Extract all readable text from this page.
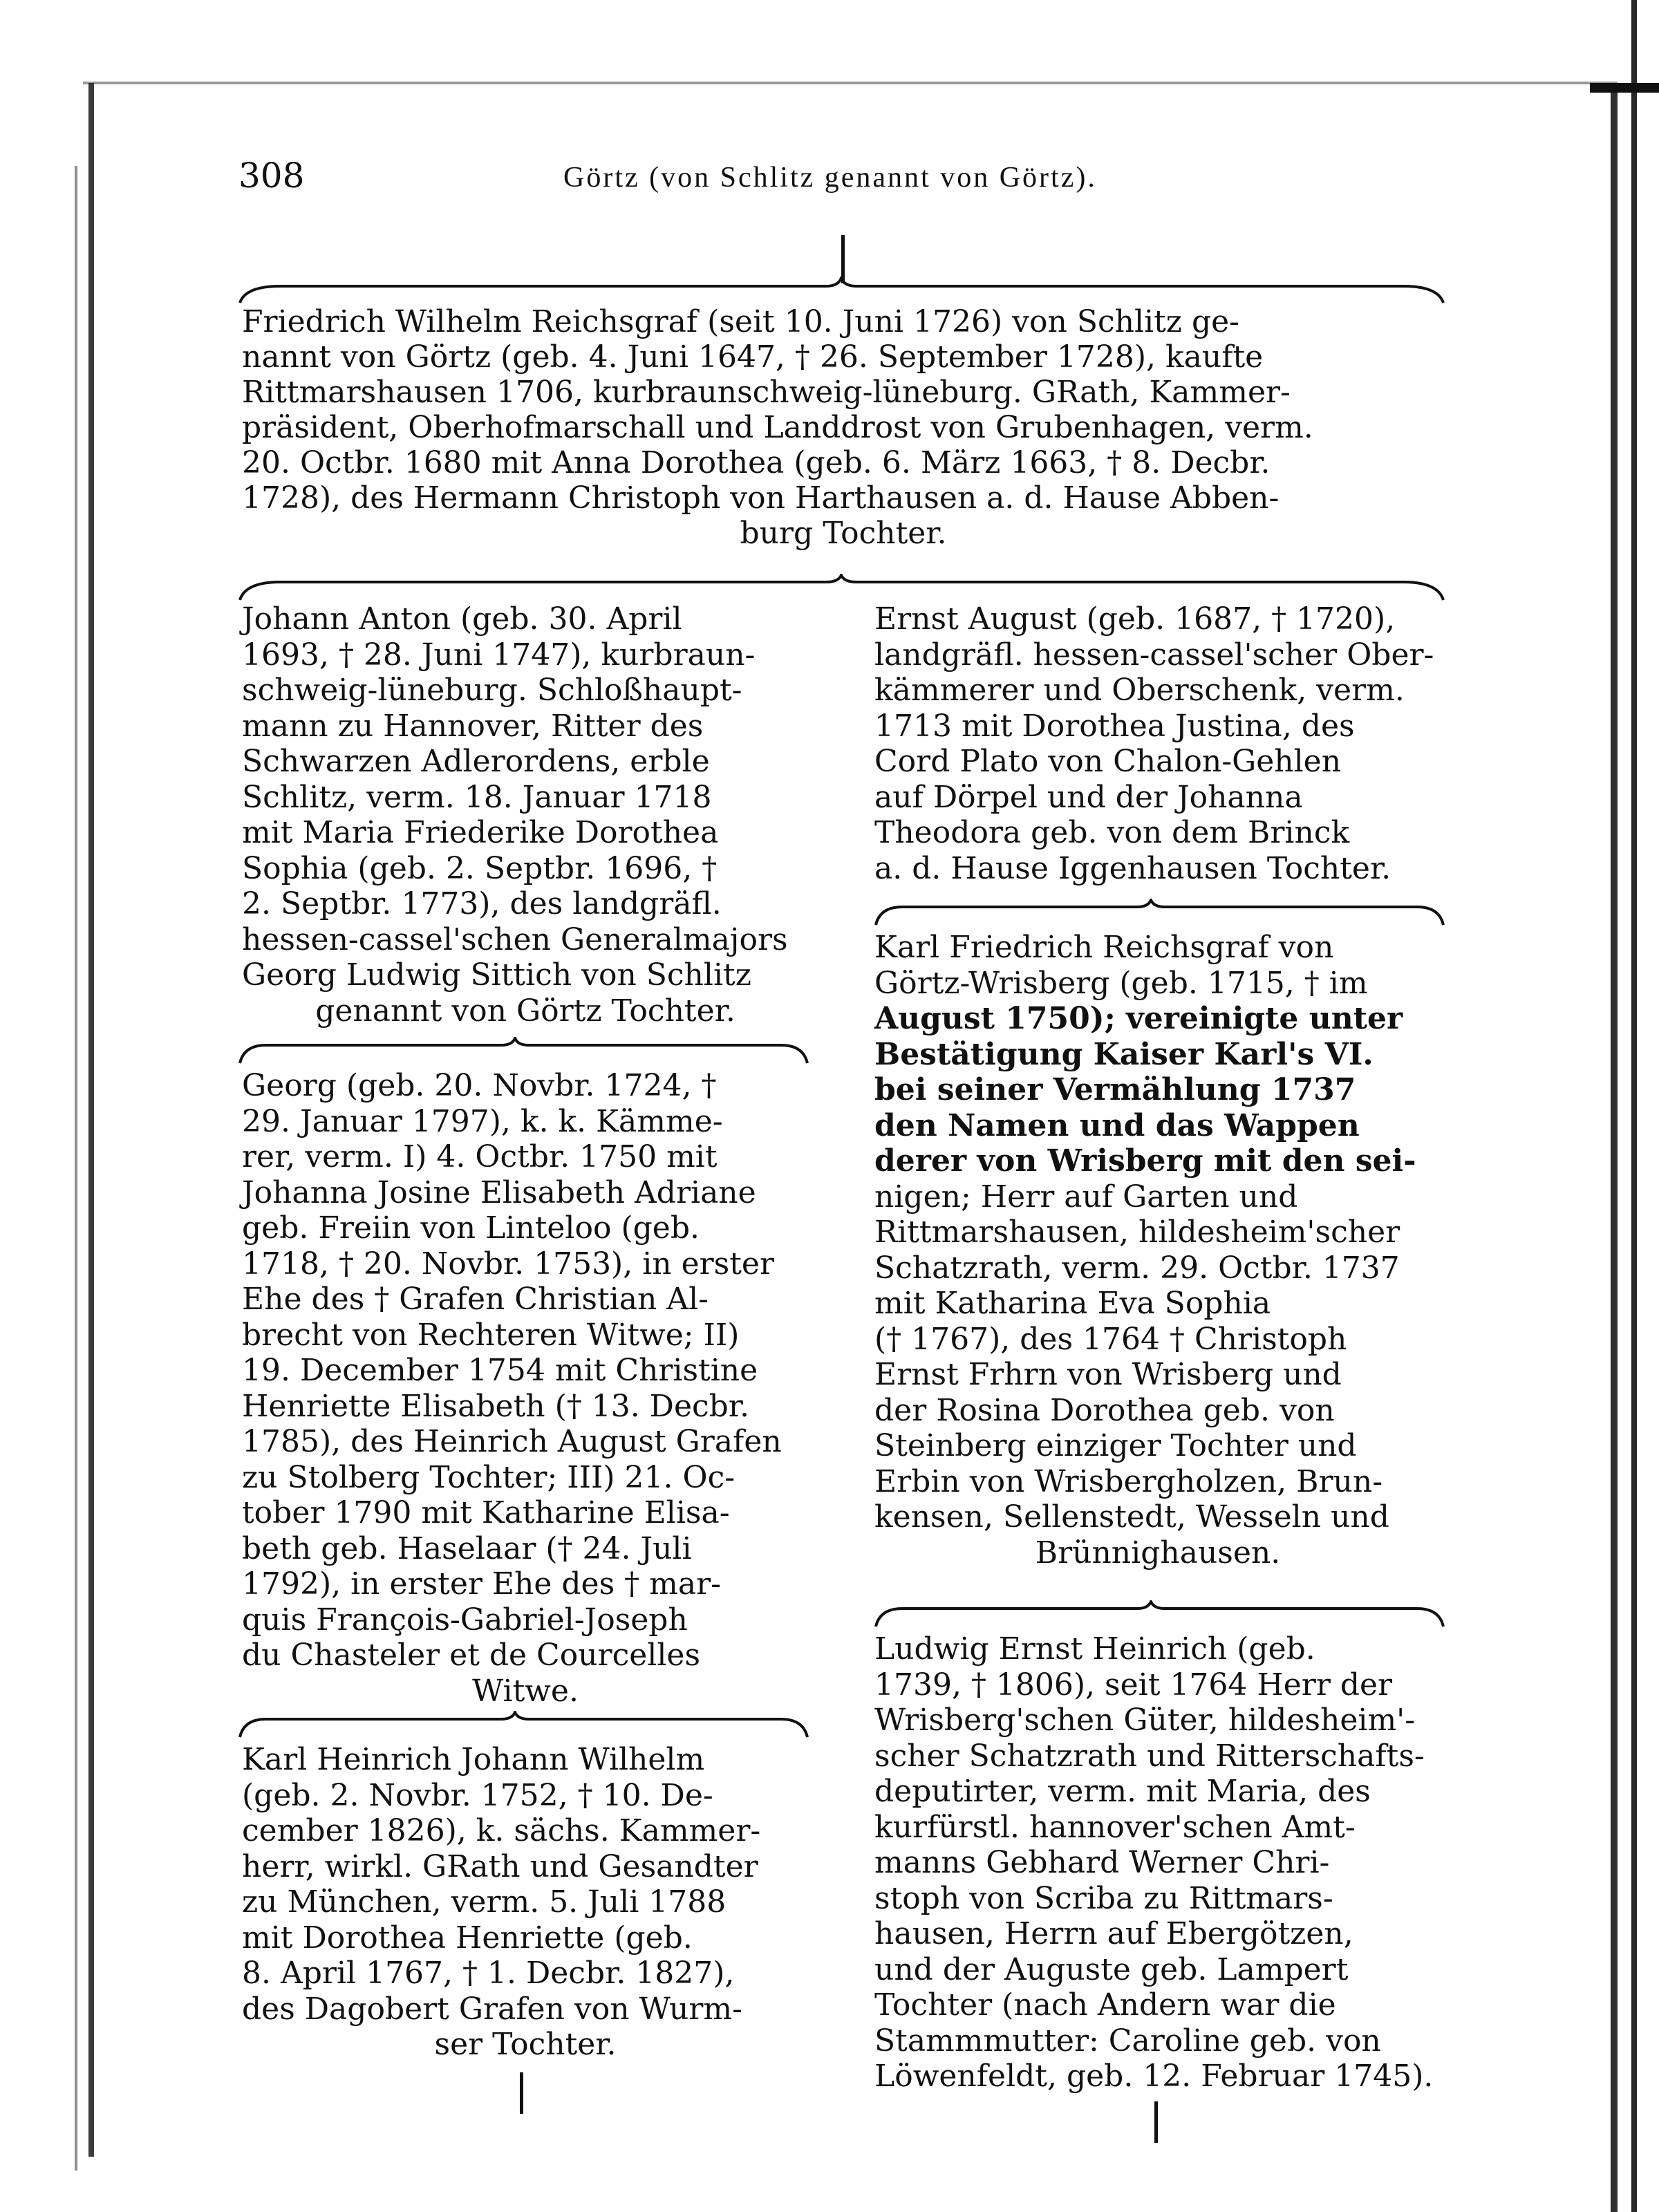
308	Görtz (von Schlitz genannt von Görtz).
Friedrich Wilhelm Reichsgraf (seit 10. Juni 1726) von Schlitz ge-
nannt von Görtz (geb. 4. Juni 1647, † 26. September 1728), kaufte
Rittmarshausen 1706, kurbraunschweig-lüneburg. GRath, Kammer-
präsident, Oberhofmarschall und Landdrost von Grubenhagen, verm.
20. Octbr. 1680 mit Anna Dorothea (geb. 6. März 1663, † 8. Decbr.
1728), des Hermann Christoph von Harthausen a. d. Hause Abben-
burg Tochter.
Johann Anton (geb. 30. April
1693, † 28. Juni 1747), kurbraun-
schweig-lüneburg. Schloßhaupt-
mann zu Hannover, Ritter des
Schwarzen Adlerordens, erble
Schlitz, verm. 18. Januar 1718
mit Maria Friederike Dorothea
Sophia (geb. 2. Septbr. 1696, †
2. Septbr. 1773), des landgräfl.
hessen-cassel'schen Generalmajors
Georg Ludwig Sittich von Schlitz
genannt von Görtz Tochter.
Georg (geb. 20. Novbr. 1724, †
29. Januar 1797), k. k. Kämme-
rer, verm. I) 4. Octbr. 1750 mit
Johanna Josine Elisabeth Adriane
geb. Freiin von Linteloo (geb.
1718, † 20. Novbr. 1753), in erster
Ehe des † Grafen Christian Al-
brecht von Rechteren Witwe; II)
19. December 1754 mit Christine
Henriette Elisabeth († 13. Decbr.
1785), des Heinrich August Grafen
zu Stolberg Tochter; III) 21. Oc-
tober 1790 mit Katharine Elisa-
beth geb. Haselaar († 24. Juli
1792), in erster Ehe des † mar-
quis François-Gabriel-Joseph
du Chasteler et de Courcelles
Witwe.
Karl Heinrich Johann Wilhelm
(geb. 2. Novbr. 1752, † 10. De-
cember 1826), k. sächs. Kammer-
herr, wirkl. GRath und Gesandter
zu München, verm. 5. Juli 1788
mit Dorothea Henriette (geb.
8. April 1767, † 1. Decbr. 1827),
des Dagobert Grafen von Wurm-
ser Tochter.
Ernst August (geb. 1687, † 1720),
landgräfl. hessen-cassel'scher Ober-
kämmerer und Oberschenk, verm.
1713 mit Dorothea Justina, des
Cord Plato von Chalon-Gehlen
auf Dörpel und der Johanna
Theodora geb. von dem Brinck
a. d. Hause Iggenhausen Tochter.
Karl Friedrich Reichsgraf von
Görtz-Wrisberg (geb. 1715, † im
August 1750); vereinigte unter
Bestätigung Kaiser Karl's VI.
bei seiner Vermählung 1737
den Namen und das Wappen
derer von Wrisberg mit den sei-
nigen; Herr auf Garten und
Rittmarshausen, hildesheim'scher
Schatzrath, verm. 29. Octbr. 1737
mit Katharina Eva Sophia
(† 1767), des 1764 † Christoph
Ernst Frhrn von Wrisberg und
der Rosina Dorothea geb. von
Steinberg einziger Tochter und
Erbin von Wrisbergholzen, Brun-
kensen, Sellenstedt, Wesseln und
Brünnighausen.
Ludwig Ernst Heinrich (geb.
1739, † 1806), seit 1764 Herr der
Wrisberg'schen Güter, hildesheim'-
scher Schatzrath und Ritterschafts-
deputirter, verm. mit Maria, des
kurfürstl. hannover'schen Amt-
manns Gebhard Werner Chri-
stoph von Scriba zu Rittmars-
hausen, Herrn auf Ebergötzen,
und der Auguste geb. Lampert
Tochter (nach Andern war die
Stammmutter: Caroline geb. von
Löwenfeldt, geb. 12. Februar 1745).
